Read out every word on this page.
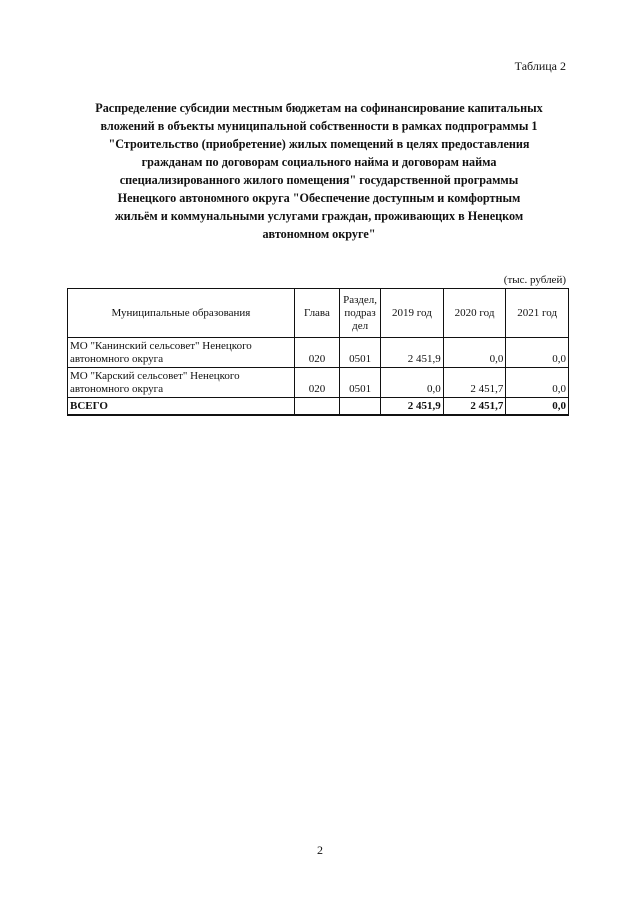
Таблица 2
Распределение субсидии местным бюджетам на софинансирование капитальных
вложений в объекты муниципальной собственности в рамках подпрограммы 1
"Строительство (приобретение) жилых помещений в целях предоставления
гражданам по договорам социального найма и договорам найма
специализированного жилого помещения" государственной программы
Ненецкого автономного округа "Обеспечение доступным и комфортным
жильём и коммунальными услугами граждан, проживающих в Ненецком
автономном округе"
(тыс. рублей)
Муниципальные образования	Глава	Раздел, подраз дел	2019 год	2020 год	2021 год
МО "Канинский сельсовет" Ненецкого автономного округа	020	0501	2 451,9	0,0	0,0
МО "Карский сельсовет" Ненецкого автономного округа	020	0501	0,0	2 451,7	0,0
ВСЕГО			2 451,9	2 451,7	0,0
2
